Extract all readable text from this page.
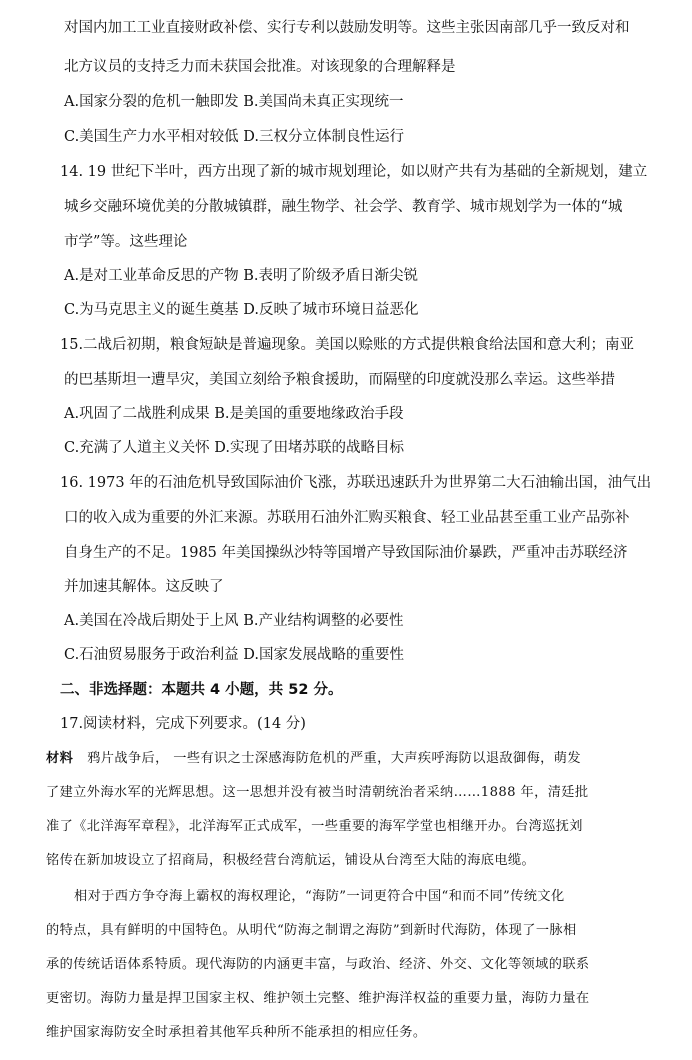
对国内加工工业直接财政补偿、实行专利以鼓励发明等。这些主张因南部几乎一致反对和
北方议员的支持乏力而未获国会批准。对该现象的合理解释是
A.国家分裂的危机一触即发 B.美国尚未真正实现统一
C.美国生产力水平相对较低 D.三权分立体制良性运行
14. 19 世纪下半叶，西方出现了新的城市规划理论，如以财产共有为基础的全新规划，建立
城乡交融环境优美的分散城镇群，融生物学、社会学、教育学、城市规划学为一体的“城
市学”等。这些理论
A.是对工业革命反思的产物 B.表明了阶级矛盾日渐尖锐
C.为马克思主义的诞生奠基 D.反映了城市环境日益恶化
15.二战后初期，粮食短缺是普遍现象。美国以赊账的方式提供粮食给法国和意大利；南亚
的巴基斯坦一遭旱灾，美国立刻给予粮食援助，而隔壁的印度就没那么幸运。这些举措
A.巩固了二战胜利成果 B.是美国的重要地缘政治手段
C.充满了人道主义关怀 D.实现了田堵苏联的战略目标
16. 1973 年的石油危机导致国际油价飞涨，苏联迅速跃升为世界第二大石油输出国，油气出
口的收入成为重要的外汇来源。苏联用石油外汇购买粮食、轻工业品甚至重工业产品弥补
自身生产的不足。1985 年美国操纵沙特等国增产导致国际油价暴跌，严重冲击苏联经济
并加速其解体。这反映了
A.美国在冷战后期处于上风 B.产业结构调整的必要性
C.石油贸易服务于政治利益 D.国家发展战略的重要性
二、非选择题：本题共 4 小题，共 52 分。
17.阅读材料，完成下列要求。(14 分)
材料 鸦片战争后， 一些有识之士深感海防危机的严重，大声疾呼海防以退敌御侮，萌发
了建立外海水军的光辉思想。这一思想并没有被当时清朝统治者采纳……1888 年，清廷批
准了《北洋海军章程》，北洋海军正式成军，一些重要的海军学堂也相继开办。台湾巡抚刘
铭传在新加坡设立了招商局，积极经营台湾航运，铺设从台湾至大陆的海底电缆。
相对于西方争夺海上霸权的海权理论，“海防”一词更符合中国“和而不同”传统文化
的特点，具有鲜明的中国特色。从明代“防海之制谓之海防”到新时代海防，体现了一脉相
承的传统话语体系特质。现代海防的内涵更丰富，与政治、经济、外交、文化等领域的联系
更密切。海防力量是捍卫国家主权、维护领土完整、维护海洋权益的重要力量，海防力量在
维护国家海防安全时承担着其他军兵种所不能承担的相应任务。
